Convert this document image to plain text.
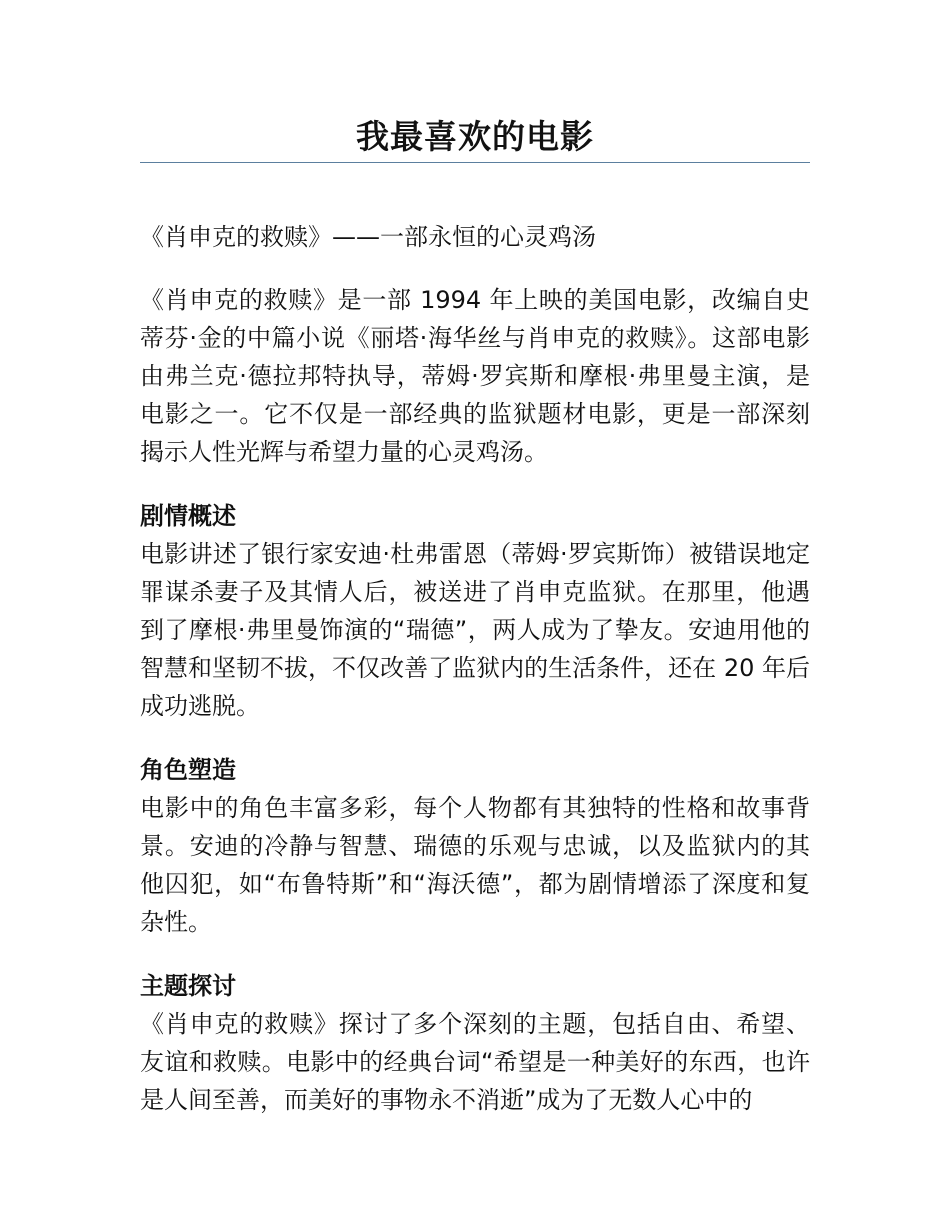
我最喜欢的电影

《肖申克的救赎》——一部永恒的心灵鸡汤

《肖申克的救赎》是一部 1994 年上映的美国电影，改编自史蒂芬·金的中篇小说《丽塔·海华丝与肖申克的救赎》。这部电影由弗兰克·德拉邦特执导，蒂姆·罗宾斯和摩根·弗里曼主演，是电影之一。它不仅是一部经典的监狱题材电影，更是一部深刻揭示人性光辉与希望力量的心灵鸡汤。

剧情概述

电影讲述了银行家安迪·杜弗雷恩（蒂姆·罗宾斯饰）被错误地定罪谋杀妻子及其情人后，被送进了肖申克监狱。在那里，他遇到了摩根·弗里曼饰演的“瑞德”，两人成为了挚友。安迪用他的智慧和坚韧不拔，不仅改善了监狱内的生活条件，还在 20 年后成功逃脱。

角色塑造

电影中的角色丰富多彩，每个人物都有其独特的性格和故事背景。安迪的冷静与智慧、瑞德的乐观与忠诚，以及监狱内的其他囚犯，如“布鲁特斯”和“海沃德”，都为剧情增添了深度和复杂性。

主题探讨

《肖申克的救赎》探讨了多个深刻的主题，包括自由、希望、友谊和救赎。电影中的经典台词“希望是一种美好的东西，也许是人间至善，而美好的事物永不消逝”成为了无数人心中的
